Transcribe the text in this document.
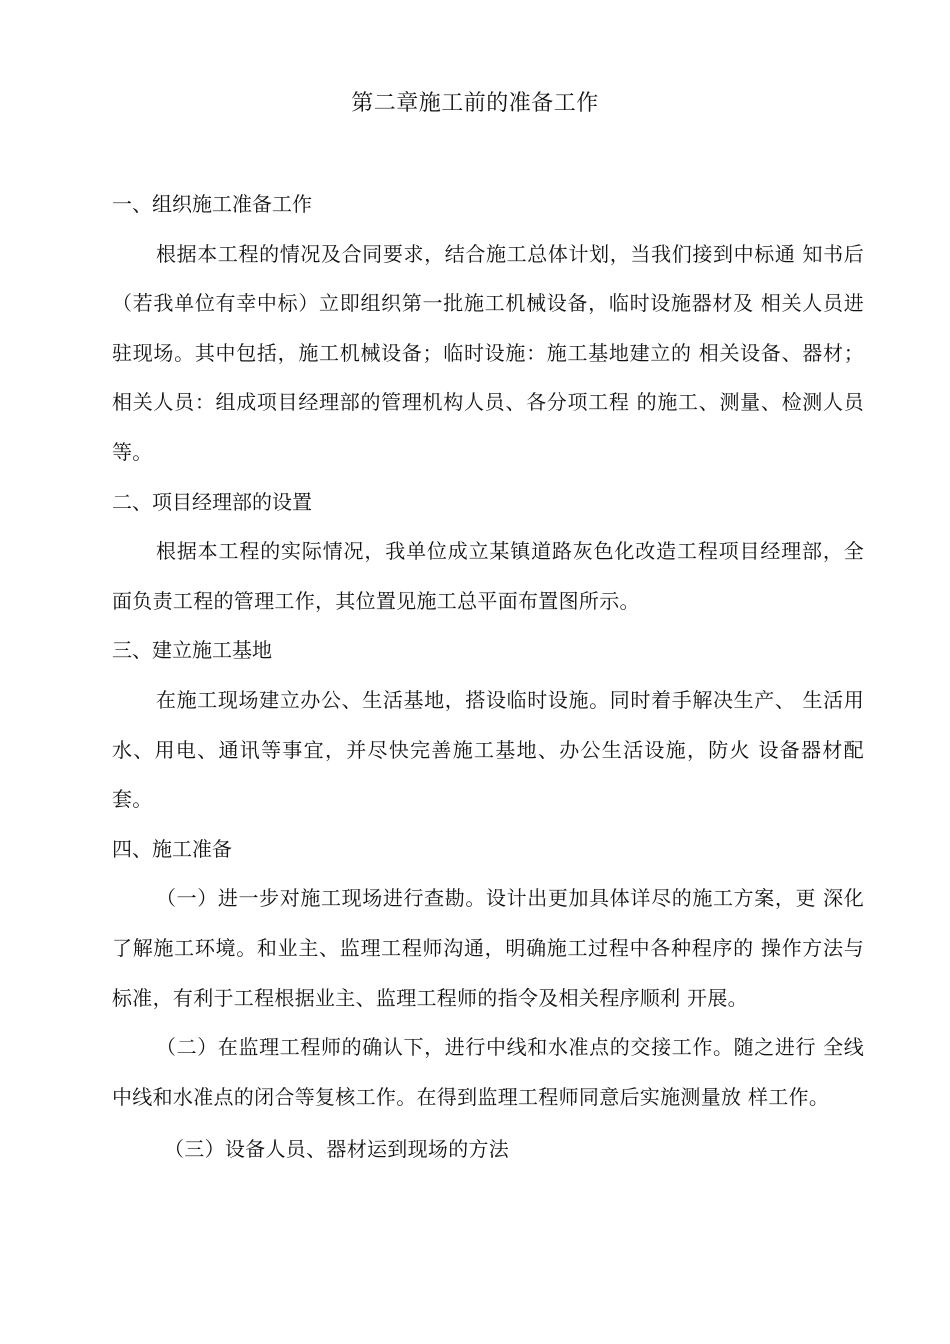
第二章施工前的准备工作

一、组织施工准备工作

根据本工程的情况及合同要求，结合施工总体计划，当我们接到中标通 知书后（若我单位有幸中标）立即组织第一批施工机械设备，临时设施器材及 相关人员进驻现场。其中包括，施工机械设备；临时设施：施工基地建立的 相关设备、器材；相关人员：组成项目经理部的管理机构人员、各分项工程 的施工、测量、检测人员等。

二、项目经理部的设置

根据本工程的实际情况，我单位成立某镇道路灰色化改造工程项目经理部，全面负责工程的管理工作，其位置见施工总平面布置图所示。

三、建立施工基地

在施工现场建立办公、生活基地，搭设临时设施。同时着手解决生产、 生活用水、用电、通讯等事宜，并尽快完善施工基地、办公生活设施，防火 设备器材配套。

四、施工准备

（一）进一步对施工现场进行查勘。设计出更加具体详尽的施工方案，更 深化了解施工环境。和业主、监理工程师沟通，明确施工过程中各种程序的 操作方法与标准，有利于工程根据业主、监理工程师的指令及相关程序顺利 开展。

（二）在监理工程师的确认下，进行中线和水准点的交接工作。随之进行 全线中线和水准点的闭合等复核工作。在得到监理工程师同意后实施测量放 样工作。

（三）设备人员、器材运到现场的方法
